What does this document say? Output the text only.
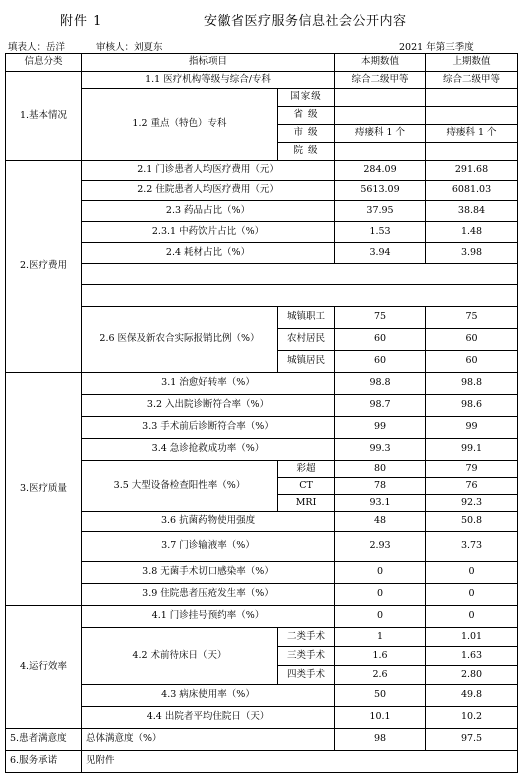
附件 1	安徽省医疗服务信息社会公开内容
填表人：岳洋	审核人：刘夏东	2021 年第三季度
信息分类	指标项目		本期数值	上期数值
1.基本情况	1.1 医疗机构等级与综合/专科		综合二级甲等	综合二级甲等
	1.2 重点（特色）专科	国家级		
		省 级		
		市 级	痔瘘科 1 个	痔瘘科 1 个
		院 级		
2.医疗费用	2.1 门诊患者人均医疗费用（元）		284.09	291.68
	2.2 住院患者人均医疗费用（元）		5613.09	6081.03
	2.3 药品占比（%）		37.95	38.84
	2.3.1 中药饮片占比（%）		1.53	1.48
	2.4 耗材占比（%）		3.94	3.98

	2.6 医保及新农合实际报销比例（%）	城镇职工	75	75
		农村居民	60	60
		城镇居民	60	60
3.医疗质量	3.1 治愈好转率（%）		98.8	98.8
	3.2 入出院诊断符合率（%）		98.7	98.6
	3.3 手术前后诊断符合率（%）		99	99
	3.4 急诊抢救成功率（%）		99.3	99.1
	3.5 大型设备检查阳性率（%）	彩超	80	79
		CT	78	76
		MRI	93.1	92.3
	3.6 抗菌药物使用强度		48	50.8
	3.7 门诊输液率（%）		2.93	3.73
	3.8 无菌手术切口感染率（%）		0	0
	3.9 住院患者压疮发生率（%）		0	0
4.运行效率	4.1 门诊挂号预约率（%）		0	0
	4.2 术前待床日（天）	二类手术	1	1.01
		三类手术	1.6	1.63
		四类手术	2.6	2.80
	4.3 病床使用率（%）		50	49.8
	4.4 出院者平均住院日（天）		10.1	10.2
5.患者满意度	总体满意度（%）		98	97.5
6.服务承诺	见附件			
